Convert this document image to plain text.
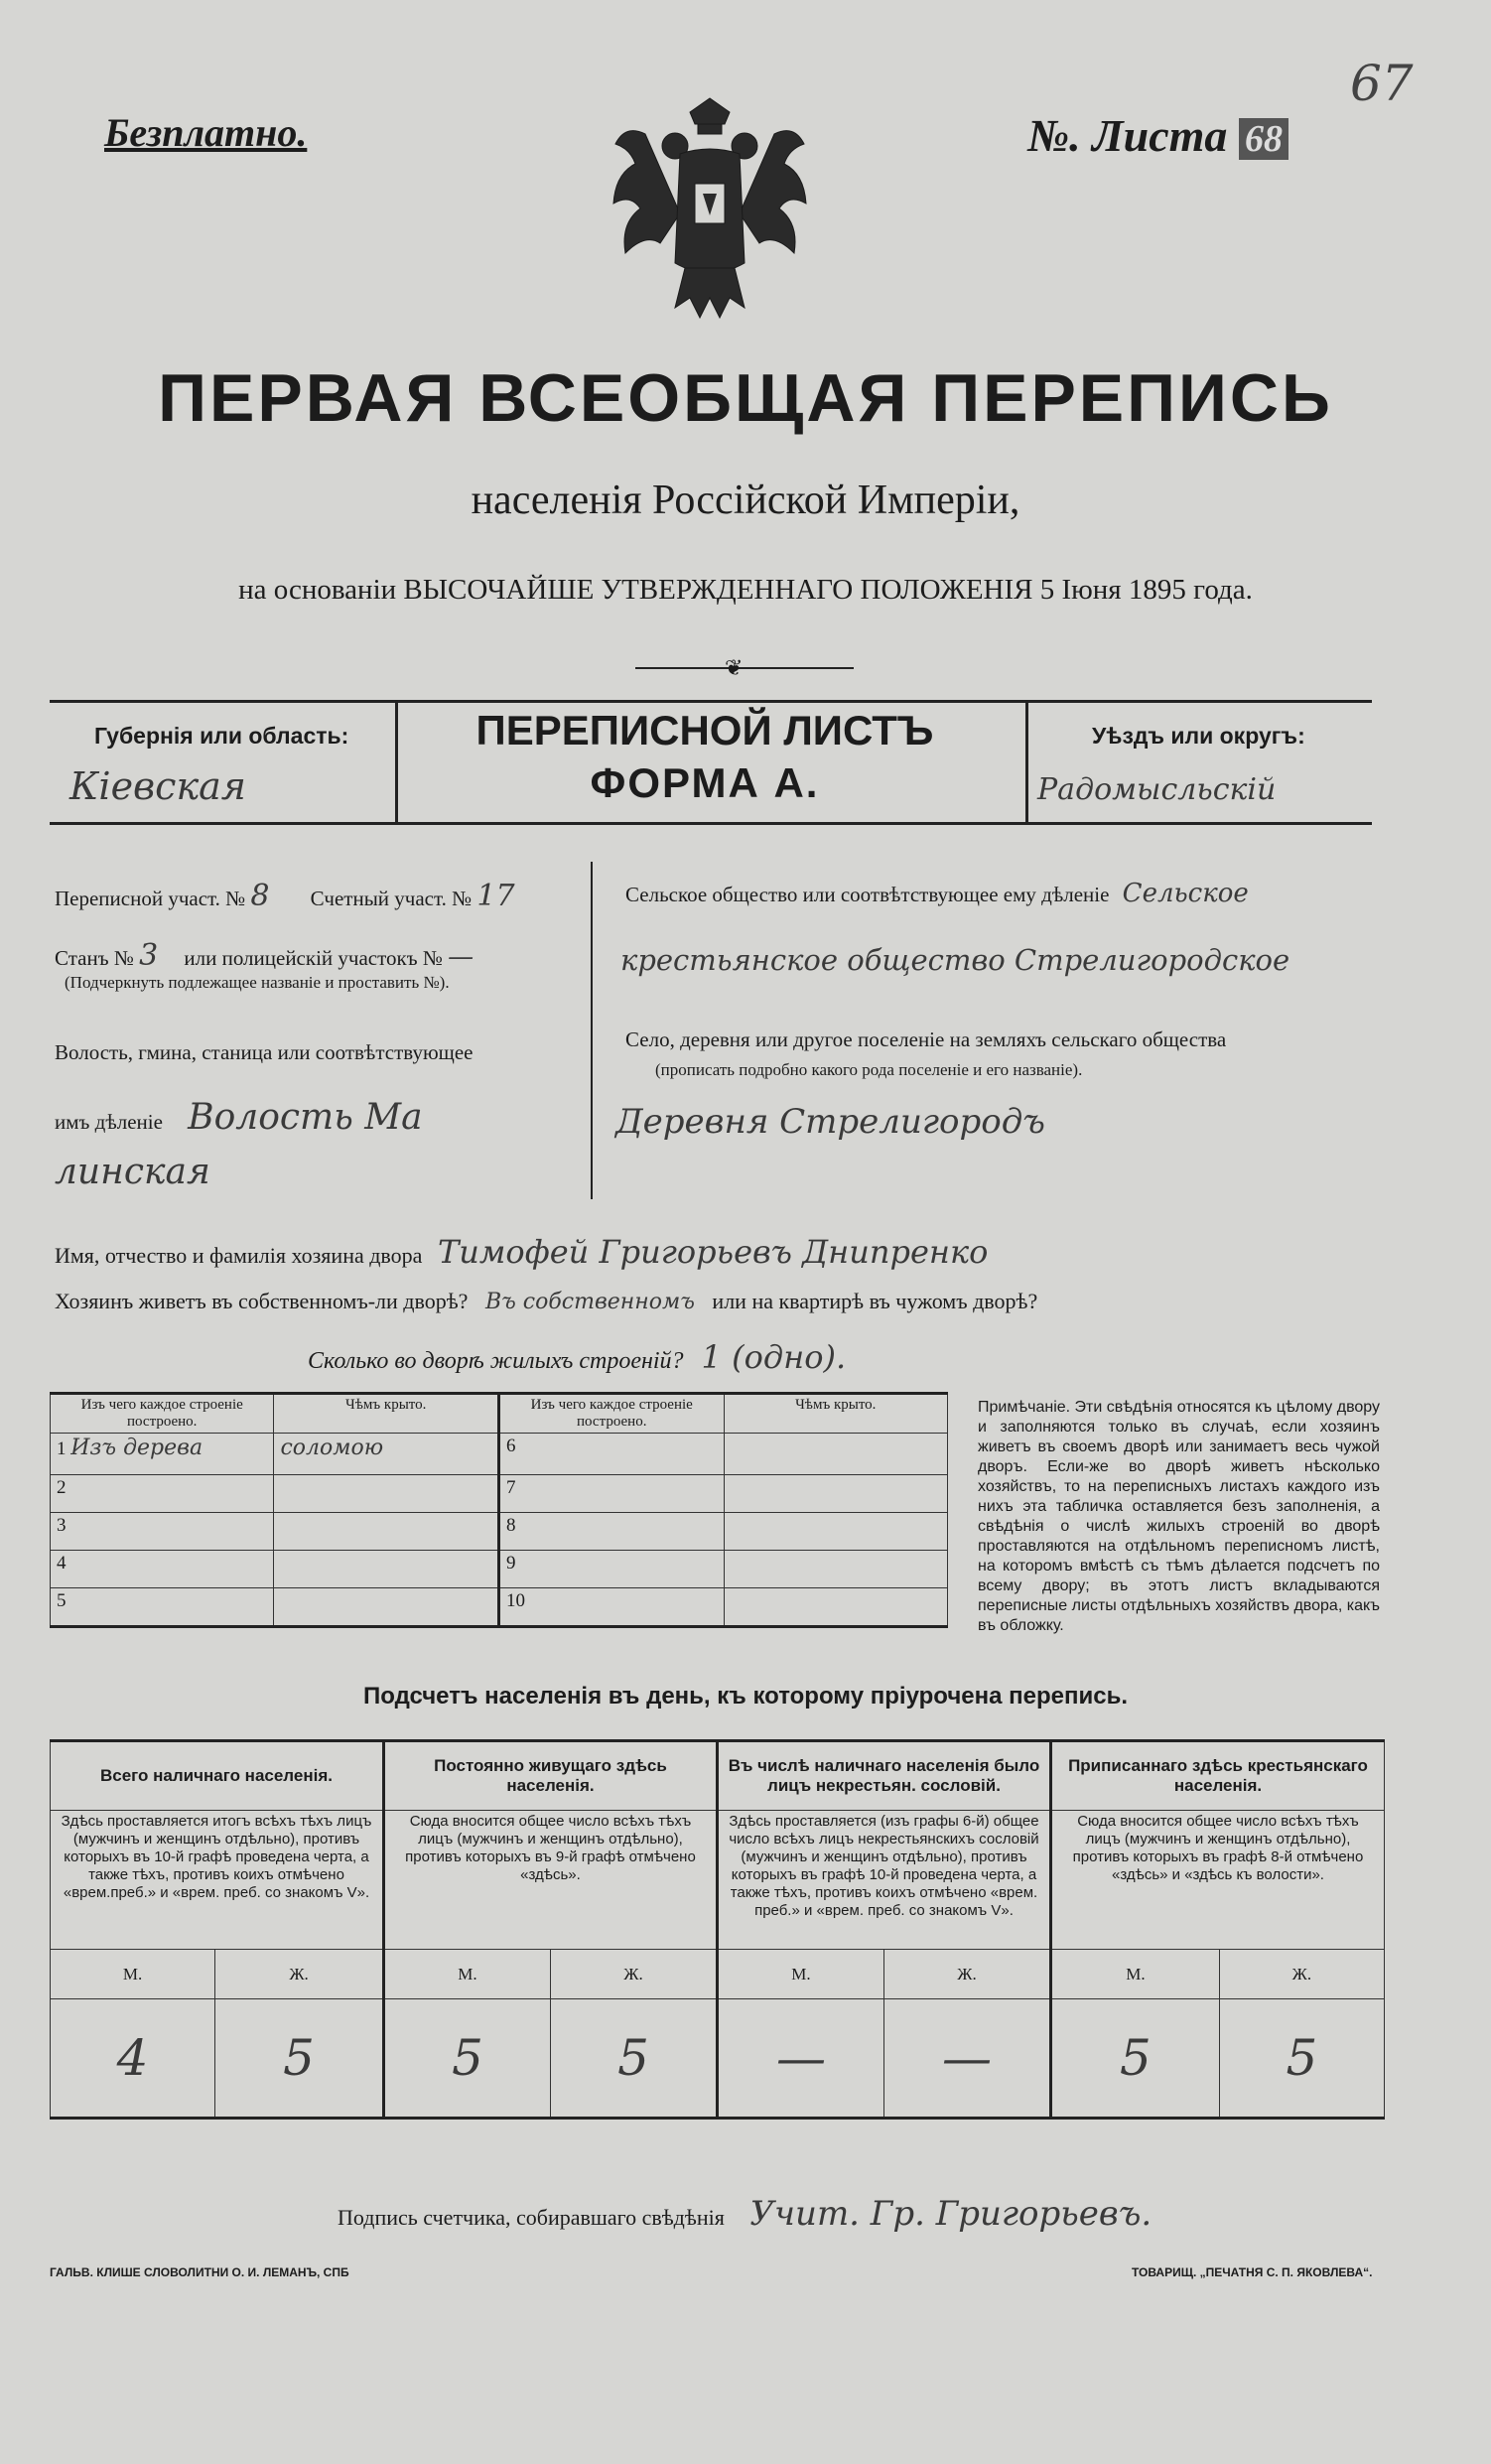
Безплатно.
67
№. Листа 68
ПЕРВАЯ ВСЕОБЩАЯ ПЕРЕПИСЬ
населенія Россійской Имперіи,
на основаніи ВЫСОЧАЙШЕ УТВЕРЖДЕННАГО ПОЛОЖЕНІЯ 5 Іюня 1895 года.
❦
Губернія или область:
Кіевская
ПЕРЕПИСНОЙ ЛИСТЪ
ФОРМА А.
Уѣздъ или округъ:
Радомысльскій
Переписной участ. № 8 Счетный участ. № 17
Станъ № 3 или полицейскій участокъ № —
(Подчеркнуть подлежащее названіе и проставить №).
Волость, гмина, станица или соотвѣтствующее
имъ дѣленіе Волость Ма
линская
Сельское общество или соотвѣтствующее ему дѣленіе Сельское
крестьянское общество Стрелигородское
Село, деревня или другое поселеніе на земляхъ сельскаго общества
(прописать подробно какого рода поселеніе и его названіе).
Деревня Стрелигородъ
Имя, отчество и фамилія хозяина двора Тимофей Григорьевъ Днипренко
Хозяинъ живетъ въ собственномъ-ли дворѣ? Въ собственномъ или на квартирѣ въ чужомъ дворѣ?
Сколько во дворѣ жилыхъ строеній? 1 (одно).
Изъ чего каждое строеніе построено.	Чѣмъ крыто.	Изъ чего каждое строеніе построено.	Чѣмъ крыто.
1 Изъ дерева	соломою	6	
2		7	
3		8	
4		9	
5		10	
Примѣчаніе. Эти свѣдѣнія относятся къ цѣлому двору и заполняются только въ случаѣ, если хозяинъ живетъ въ своемъ дворѣ или занимаетъ весь чужой дворъ. Если-же во дворѣ живетъ нѣсколько хозяйствъ, то на переписныхъ листахъ каждого изъ нихъ эта табличка оставляется безъ заполненія, а свѣдѣнія о числѣ жилыхъ строеній во дворѣ проставляются на отдѣльномъ переписномъ листѣ, на которомъ вмѣстѣ съ тѣмъ дѣлается подсчетъ по всему двору; въ этотъ листъ вкладываются переписные листы отдѣльныхъ хозяйствъ двора, какъ въ обложку.
Подсчетъ населенія въ день, къ которому пріурочена перепись.
Всего наличнаго населенія.		Постоянно живущаго здѣсь населенія.		Въ числѣ наличнаго населенія было лицъ некрестьян. сословій.		Приписаннаго здѣсь крестьянскаго населенія.	
Здѣсь проставляется итогъ всѣхъ тѣхъ лицъ (мужчинъ и женщинъ отдѣльно), противъ которыхъ въ 10-й графѣ проведена черта, а также тѣхъ, противъ коихъ отмѣчено «врем.преб.» и «врем. преб. со знакомъ V».		Сюда вносится общее число всѣхъ тѣхъ лицъ (мужчинъ и женщинъ отдѣльно), противъ которыхъ въ 9-й графѣ отмѣчено «здѣсь».		Здѣсь проставляется (изъ графы 6-й) общее число всѣхъ лицъ некрестьянскихъ сословій (мужчинъ и женщинъ отдѣльно), противъ которыхъ въ графѣ 10-й проведена черта, а также тѣхъ, противъ коихъ отмѣчено «врем. преб.» и «врем. преб. со знакомъ V».		Сюда вносится общее число всѣхъ тѣхъ лицъ (мужчинъ и женщинъ отдѣльно), противъ которыхъ въ графѣ 8-й отмѣчено «здѣсь» и «здѣсь къ волости».	
М.	Ж.	М.	Ж.	М.	Ж.	М.	Ж.
4	5	5	5	—	—	5	5
Подпись счетчика, собиравшаго свѣдѣнія Учит. Гр. Григорьевъ.
ГАЛЬВ. КЛИШЕ СЛОВОЛИТНИ О. И. ЛЕМАНЪ, СПБ	ТОВАРИЩ. „ПЕЧАТНЯ С. П. ЯКОВЛЕВА“.
